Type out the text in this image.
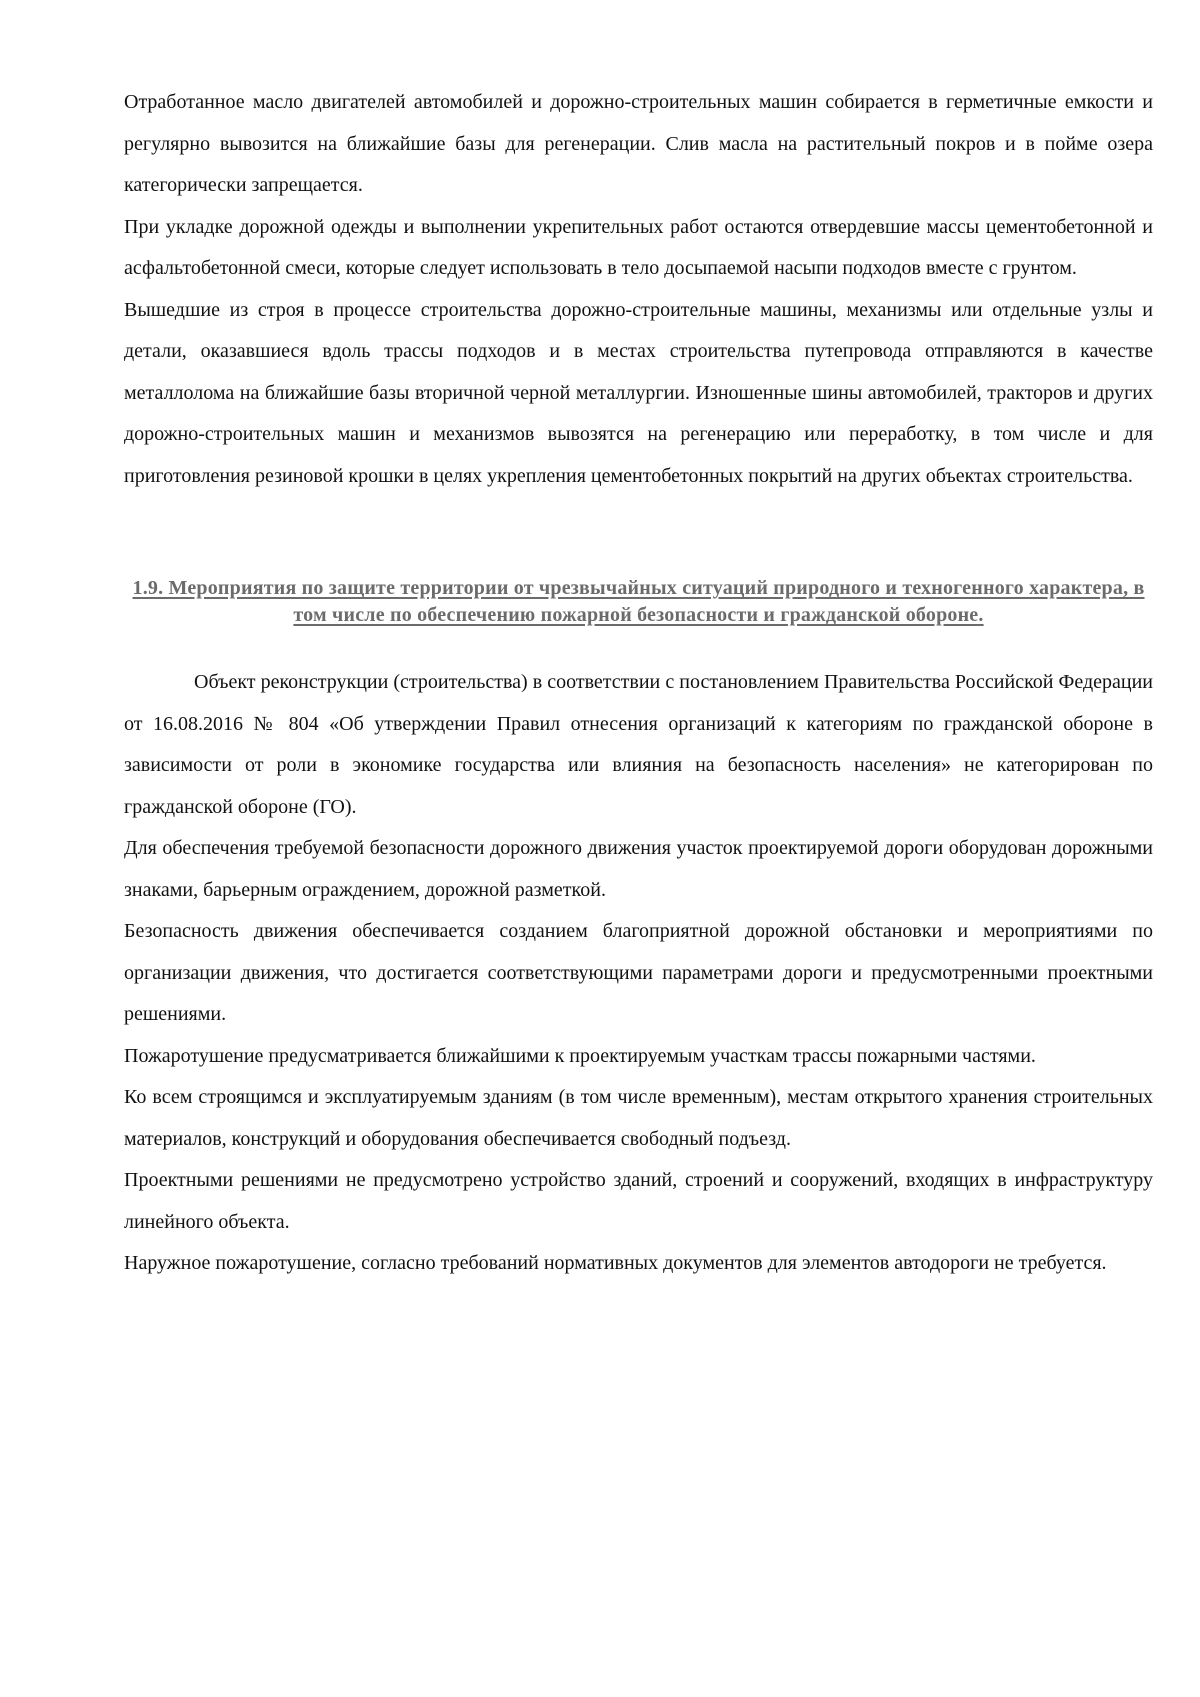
Отработанное масло двигателей автомобилей и дорожно-строительных машин собирается в герметичные емкости и регулярно вывозится на ближайшие базы для регенерации. Слив масла на растительный покров и в пойме озера категорически запрещается.

При укладке дорожной одежды и выполнении укрепительных работ остаются отвердевшие массы цементобетонной и асфальтобетонной смеси, которые следует использовать в тело досыпаемой насыпи подходов вместе с грунтом.

Вышедшие из строя в процессе строительства дорожно-строительные машины, механизмы или отдельные узлы и детали, оказавшиеся вдоль трассы подходов и в местах строительства путепровода отправляются в качестве металлолома на ближайшие базы вторичной черной металлургии. Изношенные шины автомобилей, тракторов и других дорожно-строительных машин и механизмов вывозятся на регенерацию или переработку, в том числе и для приготовления резиновой крошки в целях укрепления цементобетонных покрытий на других объектах строительства.

1.9. Мероприятия по защите территории от чрезвычайных ситуаций природного и техногенного характера, в том числе по обеспечению пожарной безопасности и гражданской обороне.

Объект реконструкции (строительства) в соответствии с постановлением Правительства Российской Федерации от 16.08.2016 № 804 «Об утверждении Правил отнесения организаций к категориям по гражданской обороне в зависимости от роли в экономике государства или влияния на безопасность населения» не категорирован по гражданской обороне (ГО).

Для обеспечения требуемой безопасности дорожного движения участок проектируемой дороги оборудован дорожными знаками, барьерным ограждением, дорожной разметкой.

Безопасность движения обеспечивается созданием благоприятной дорожной обстановки и мероприятиями по организации движения, что достигается соответствующими параметрами дороги и предусмотренными проектными решениями.

Пожаротушение предусматривается ближайшими к проектируемым участкам трассы пожарными частями.

Ко всем строящимся и эксплуатируемым зданиям (в том числе временным), местам открытого хранения строительных материалов, конструкций и оборудования обеспечивается свободный подъезд.

Проектными решениями не предусмотрено устройство зданий, строений и сооружений, входящих в инфраструктуру линейного объекта.

Наружное пожаротушение, согласно требований нормативных документов для элементов автодороги не требуется.
